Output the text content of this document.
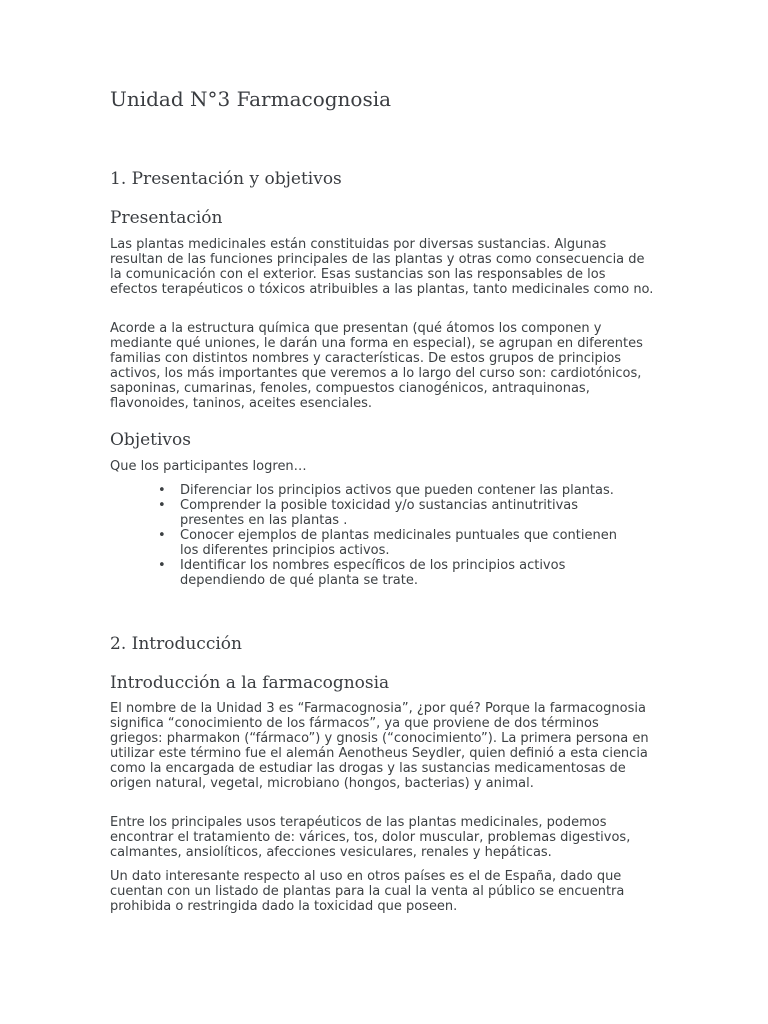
Unidad N°3 Farmacognosia
1. Presentación y objetivos
Presentación

Las plantas medicinales están constituidas por diversas sustancias. Algunas resultan de las funciones principales de las plantas y otras como consecuencia de la comunicación con el exterior. Esas sustancias son las responsables de los efectos terapéuticos o tóxicos atribuibles a las plantas, tanto medicinales como no.

Acorde a la estructura química que presentan (qué átomos los componen y mediante qué uniones, le darán una forma en especial), se agrupan en diferentes familias con distintos nombres y características. De estos grupos de principios activos, los más importantes que veremos a lo largo del curso son: cardiotónicos, saponinas, cumarinas, fenoles, compuestos cianogénicos, antraquinonas, flavonoides, taninos, aceites esenciales.

Objetivos

Que los participantes logren…

• Diferenciar los principios activos que pueden contener las plantas.
• Comprender la posible toxicidad y/o sustancias antinutritivas presentes en las plantas .
• Conocer ejemplos de plantas medicinales puntuales que contienen los diferentes principios activos.
• Identificar los nombres específicos de los principios activos dependiendo de qué planta se trate.
2. Introducción
Introducción a la farmacognosia

El nombre de la Unidad 3 es “Farmacognosia”, ¿por qué? Porque la farmacognosia significa “conocimiento de los fármacos”, ya que proviene de dos términos griegos: pharmakon (“fármaco”) y gnosis (“conocimiento”). La primera persona en utilizar este término fue el alemán Aenotheus Seydler, quien definió a esta ciencia como la encargada de estudiar las drogas y las sustancias medicamentosas de origen natural, vegetal, microbiano (hongos, bacterias) y animal.

Entre los principales usos terapéuticos de las plantas medicinales, podemos encontrar el tratamiento de: várices, tos, dolor muscular, problemas digestivos, calmantes, ansiolíticos, afecciones vesiculares, renales y hepáticas.

Un dato interesante respecto al uso en otros países es el de España, dado que cuentan con un listado de plantas para la cual la venta al público se encuentra prohibida o restringida dado la toxicidad que poseen.
